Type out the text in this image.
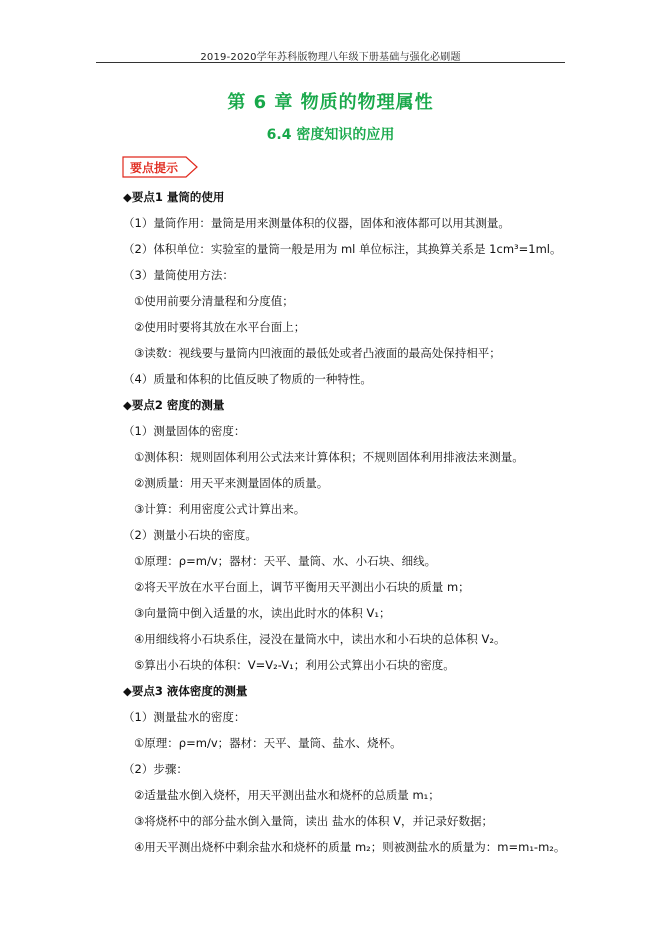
2019-2020学年苏科版物理八年级下册基础与强化必刷题
第 6 章 物质的物理属性
6.4 密度知识的应用
要点提示
◆要点1 量筒的使用
（1）量筒作用：量筒是用来测量体积的仪器，固体和液体都可以用其测量。
（2）体积单位：实验室的量筒一般是用为 ml 单位标注，其换算关系是 1cm³=1ml。
（3）量筒使用方法：
①使用前要分清量程和分度值；
②使用时要将其放在水平台面上；
③读数：视线要与量筒内凹液面的最低处或者凸液面的最高处保持相平；
（4）质量和体积的比值反映了物质的一种特性。
◆要点2 密度的测量
（1）测量固体的密度：
①测体积：规则固体利用公式法来计算体积；不规则固体利用排液法来测量。
②测质量：用天平来测量固体的质量。
③计算：利用密度公式计算出来。
（2）测量小石块的密度。
①原理：ρ=m/v；器材：天平、量筒、水、小石块、细线。
②将天平放在水平台面上，调节平衡用天平测出小石块的质量 m；
③向量筒中倒入适量的水，读出此时水的体积 V₁；
④用细线将小石块系住，浸没在量筒水中，读出水和小石块的总体积 V₂。
⑤算出小石块的体积：V=V₂-V₁；利用公式算出小石块的密度。
◆要点3 液体密度的测量
（1）测量盐水的密度：
①原理：ρ=m/v；器材：天平、量筒、盐水、烧杯。
（2）步骤：
②适量盐水倒入烧杯，用天平测出盐水和烧杯的总质量 m₁；
③将烧杯中的部分盐水倒入量筒，读出 盐水的体积 V，并记录好数据；
④用天平测出烧杯中剩余盐水和烧杯的质量 m₂；则被测盐水的质量为：m=m₁-m₂。
